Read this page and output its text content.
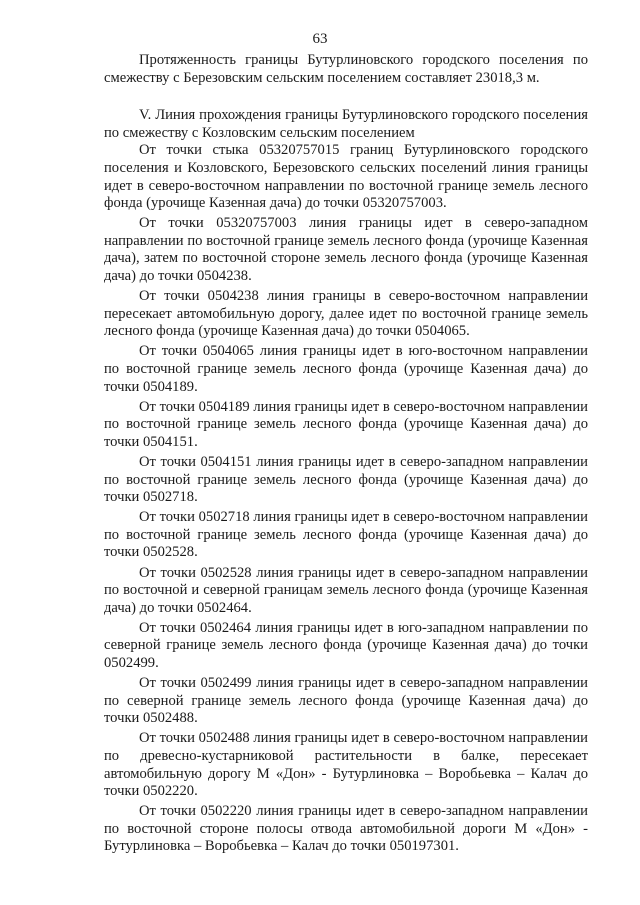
63

Протяженность границы Бутурлиновского городского поселения по смежеству с Березовским сельским поселением составляет 23018,3 м.

V. Линия прохождения границы Бутурлиновского городского поселения по смежеству с Козловским сельским поселением

От точки стыка 05320757015 границ Бутурлиновского городского поселения и Козловского, Березовского сельских поселений линия границы идет в северо-восточном направлении по восточной границе земель лесного фонда (урочище Казенная дача) до точки 05320757003.

От точки 05320757003 линия границы идет в северо-западном направлении по восточной границе земель лесного фонда (урочище Казенная дача), затем по восточной стороне земель лесного фонда (урочище Казенная дача) до точки 0504238.

От точки 0504238 линия границы в северо-восточном направлении пересекает автомобильную дорогу, далее идет по восточной границе земель лесного фонда (урочище Казенная дача) до точки 0504065.

От точки 0504065 линия границы идет в юго-восточном направлении по восточной границе земель лесного фонда (урочище Казенная дача) до точки 0504189.

От точки 0504189 линия границы идет в северо-восточном направлении по восточной границе земель лесного фонда (урочище Казенная дача) до точки 0504151.

От точки 0504151 линия границы идет в северо-западном направлении по восточной границе земель лесного фонда (урочище Казенная дача) до точки 0502718.

От точки 0502718 линия границы идет в северо-восточном направлении по восточной границе земель лесного фонда (урочище Казенная дача) до точки 0502528.

От точки 0502528 линия границы идет в северо-западном направлении по восточной и северной границам земель лесного фонда (урочище Казенная дача) до точки 0502464.

От точки 0502464 линия границы идет в юго-западном направлении по северной границе земель лесного фонда (урочище Казенная дача) до точки 0502499.

От точки 0502499 линия границы идет в северо-западном направлении по северной границе земель лесного фонда (урочище Казенная дача) до точки 0502488.

От точки 0502488 линия границы идет в северо-восточном направлении по древесно-кустарниковой растительности в балке, пересекает автомобильную дорогу М «Дон» - Бутурлиновка – Воробьевка – Калач до точки 0502220.

От точки 0502220 линия границы идет в северо-западном направлении по восточной стороне полосы отвода автомобильной дороги М «Дон» - Бутурлиновка – Воробьевка – Калач до точки 050197301.
